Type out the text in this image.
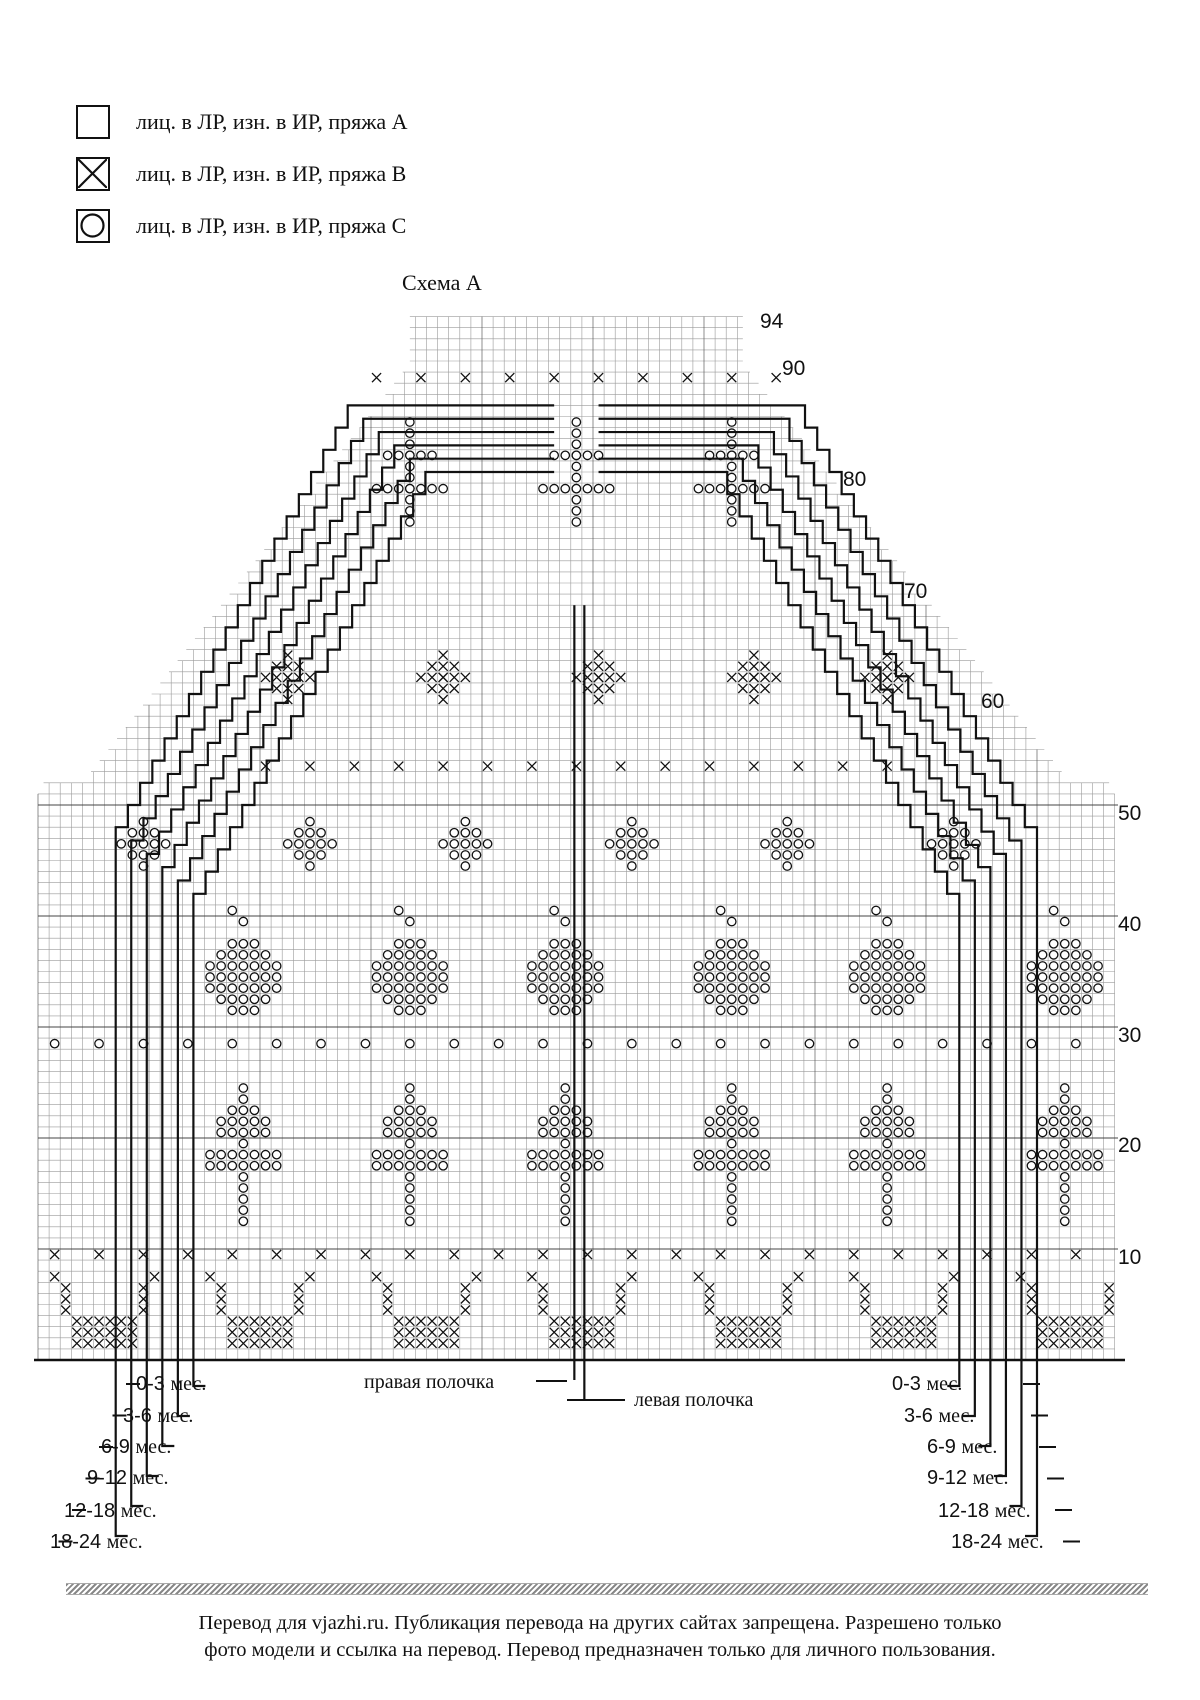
лиц. в ЛР, изн. в ИР, пряжа А
лиц. в ЛР, изн. в ИР, пряжа В
лиц. в ЛР, изн. в ИР, пряжа С
Схема А
94
90
80
70
60
50
40
30
20
10
0-3 мес.
3-6 мес.
6-9 мес.
9-12 мес.
12-18 мес.
18-24 мес.
0-3 мес.
3-6 мес.
6-9 мес.
9-12 мес.
12-18 мес.
18-24 мес.
правая полочка
левая полочка
Перевод для vjazhi.ru. Публикация перевода на других сайтах запрещена. Разрешено только
фото модели и ссылка на перевод. Перевод предназначен только для личного пользования.
